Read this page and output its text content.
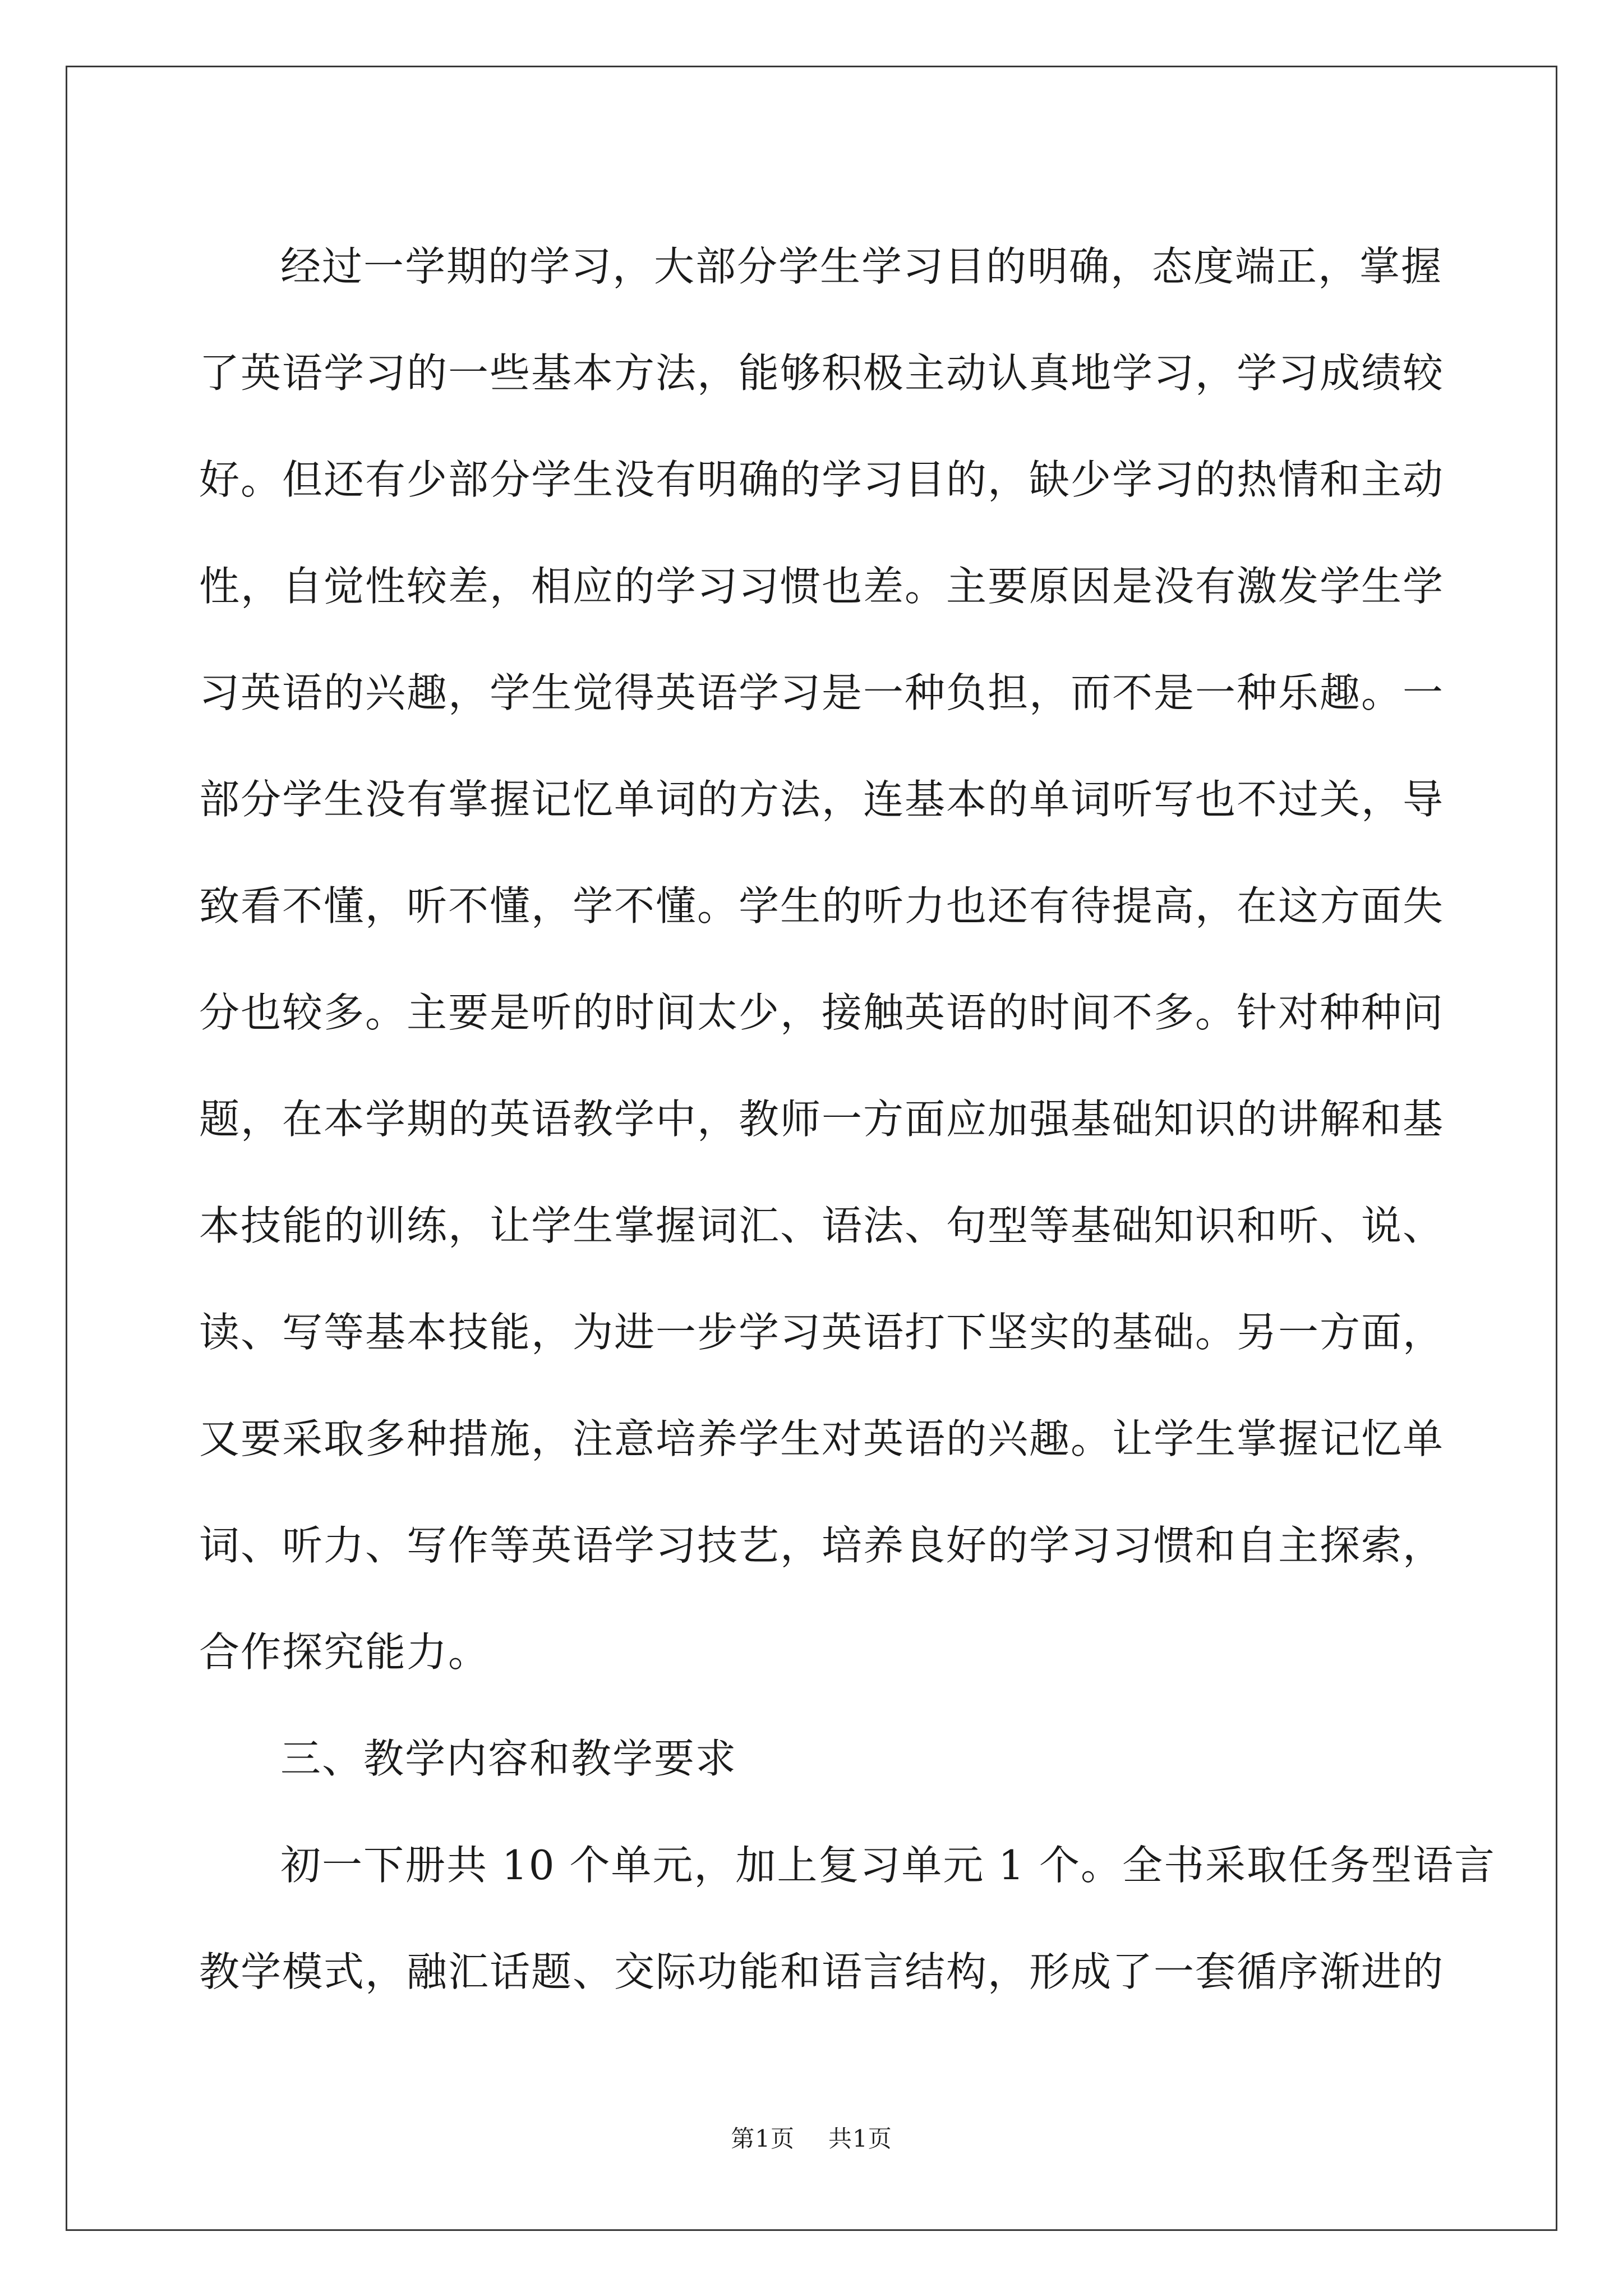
经过一学期的学习，大部分学生学习目的明确，态度端正，掌握
了英语学习的一些基本方法，能够积极主动认真地学习，学习成绩较
好。但还有少部分学生没有明确的学习目的，缺少学习的热情和主动
性，自觉性较差，相应的学习习惯也差。主要原因是没有激发学生学
习英语的兴趣，学生觉得英语学习是一种负担，而不是一种乐趣。一
部分学生没有掌握记忆单词的方法，连基本的单词听写也不过关，导
致看不懂，听不懂，学不懂。学生的听力也还有待提高，在这方面失
分也较多。主要是听的时间太少，接触英语的时间不多。针对种种问
题，在本学期的英语教学中，教师一方面应加强基础知识的讲解和基
本技能的训练，让学生掌握词汇、语法、句型等基础知识和听、说、
读、写等基本技能，为进一步学习英语打下坚实的基础。另一方面，
又要采取多种措施，注意培养学生对英语的兴趣。让学生掌握记忆单
词、听力、写作等英语学习技艺，培养良好的学习习惯和自主探索，
合作探究能力。
三、教学内容和教学要求
初一下册共 10 个单元，加上复习单元 1 个。全书采取任务型语言
教学模式，融汇话题、交际功能和语言结构，形成了一套循序渐进的
第1页 共1页
